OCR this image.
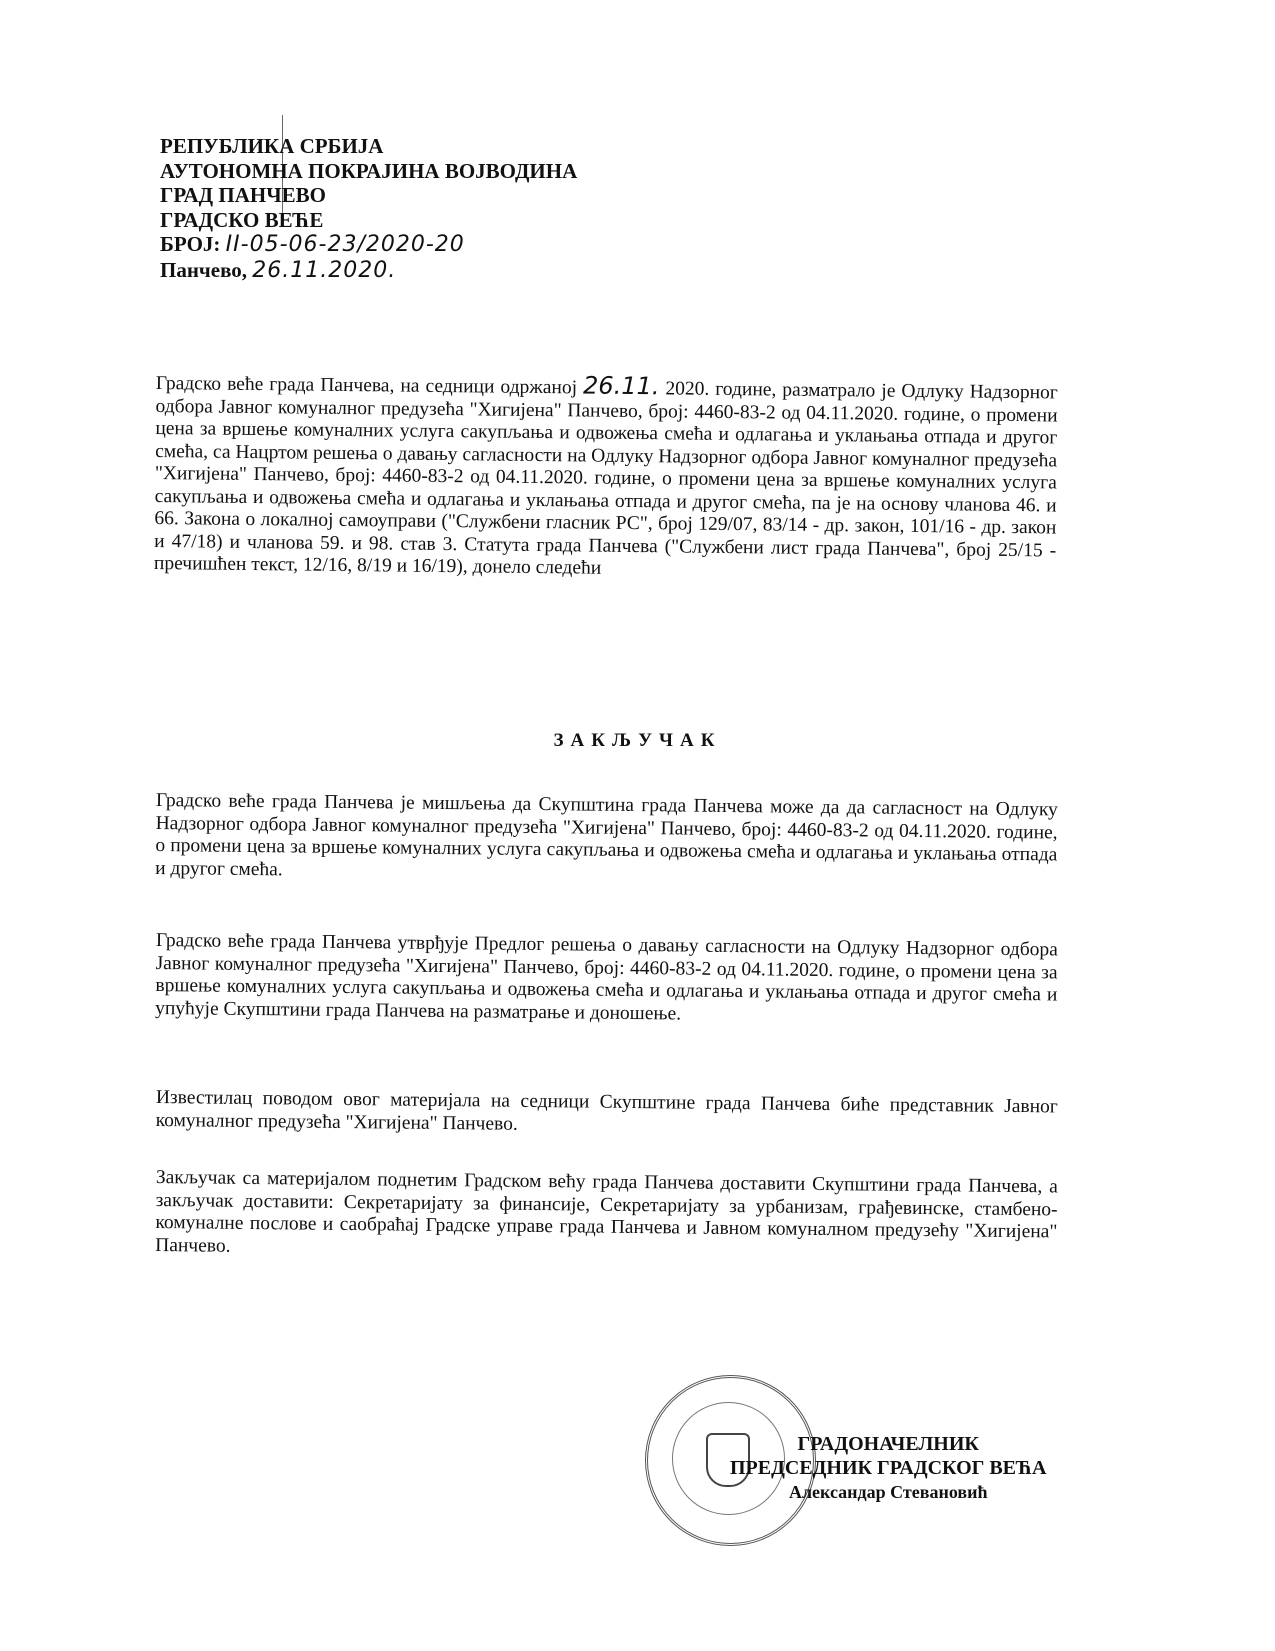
РЕПУБЛИКА СРБИЈА
АУТОНОМНА ПОКРАЈИНА ВОЈВОДИНА
ГРАД ПАНЧЕВО
ГРАДСКО ВЕЋЕ
БРОЈ: II-05-06-23/2020-20
Панчево, 26.11.2020.
Градско веће града Панчева, на седници одржаној 26.11. 2020. године, разматрало је Одлуку Надзорног одбора Јавног комуналног предузећа "Хигијена" Панчево, број: 4460-83-2 од 04.11.2020. године, о промени цена за вршење комуналних услуга сакупљања и одвожења смећа и одлагања и уклањања отпада и другог смећа, са Нацртом решења о давању сагласности на Одлуку Надзорног одбора Јавног комуналног предузећа "Хигијена" Панчево, број: 4460-83-2 од 04.11.2020. године, о промени цена за вршење комуналних услуга сакупљања и одвожења смећа и одлагања и уклањања отпада и другог смећа, па је на основу чланова 46. и 66. Закона о локалној самоуправи ("Службени гласник РС", број 129/07, 83/14 - др. закон, 101/16 - др. закон и 47/18) и чланова 59. и 98. став 3. Статута града Панчева ("Службени лист града Панчева", број 25/15 - пречишћен текст, 12/16, 8/19 и 16/19), донело следећи
ЗАКЉУЧАК
Градско веће града Панчева је мишљења да Скупштина града Панчева може да да сагласност на Одлуку Надзорног одбора Јавног комуналног предузећа "Хигијена" Панчево, број: 4460-83-2 од 04.11.2020. године, о промени цена за вршење комуналних услуга сакупљања и одвожења смећа и одлагања и уклањања отпада и другог смећа.
Градско веће града Панчева утврђује Предлог решења о давању сагласности на Одлуку Надзорног одбора Јавног комуналног предузећа "Хигијена" Панчево, број: 4460-83-2 од 04.11.2020. године, о промени цена за вршење комуналних услуга сакупљања и одвожења смећа и одлагања и уклањања отпада и другог смећа и упућује Скупштини града Панчева на разматрање и доношење.
Известилац поводом овог материјала на седници Скупштине града Панчева биће представник Јавног комуналног предузећа "Хигијена" Панчево.
Закључак са материјалом поднетим Градском већу града Панчева доставити Скупштини града Панчева, а закључак доставити: Секретаријату за финансије, Секретаријату за урбанизам, грађевинске, стамбено-комуналне послове и саобраћај Градске управе града Панчева и Јавном комуналном предузећу "Хигијена" Панчево.
ГРАДОНАЧЕЛНИК
ПРЕДСЕДНИК ГРАДСКОГ ВЕЋА
Александар Стевановић
